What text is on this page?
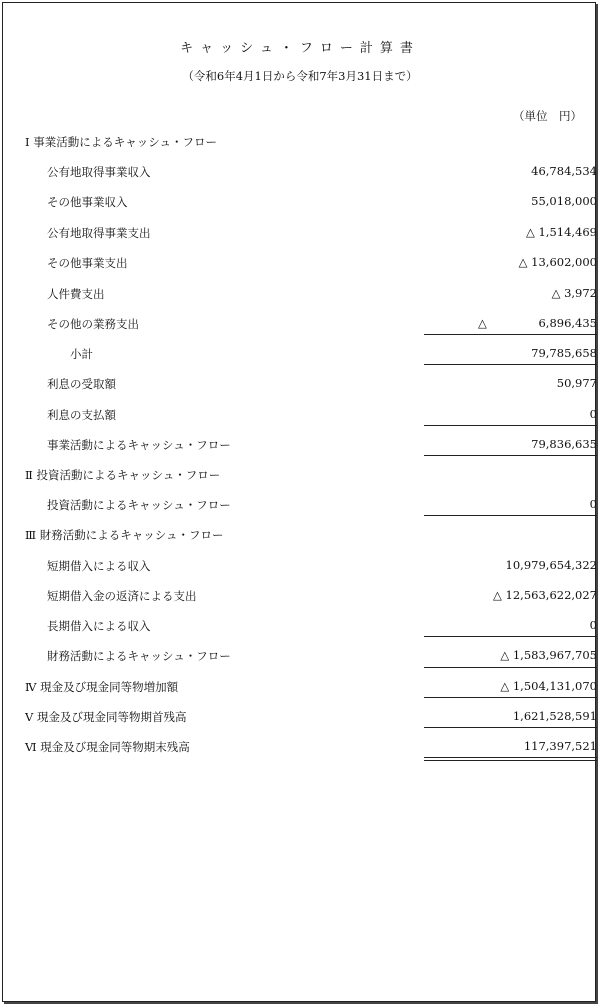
キャッシュ・フロー計算書
（令和6年4月1日から令和7年3月31日まで）
（単位　円）
Ⅰ 事業活動によるキャッシュ・フロー
公有地取得事業収入	46,784,534
その他事業収入	55,018,000
公有地取得事業支出	△ 1,514,469
その他事業支出	△ 13,602,000
人件費支出	△ 3,972
その他の業務支出	△	6,896,435
小計	79,785,658
利息の受取額	50,977
利息の支払額	0
事業活動によるキャッシュ・フロー	79,836,635
Ⅱ 投資活動によるキャッシュ・フロー
投資活動によるキャッシュ・フロー	0
Ⅲ 財務活動によるキャッシュ・フロー
短期借入による収入	10,979,654,322
短期借入金の返済による支出	△ 12,563,622,027
長期借入による収入	0
財務活動によるキャッシュ・フロー	△ 1,583,967,705
Ⅳ 現金及び現金同等物増加額	△ 1,504,131,070
Ⅴ 現金及び現金同等物期首残高	1,621,528,591
Ⅵ 現金及び現金同等物期末残高	117,397,521
